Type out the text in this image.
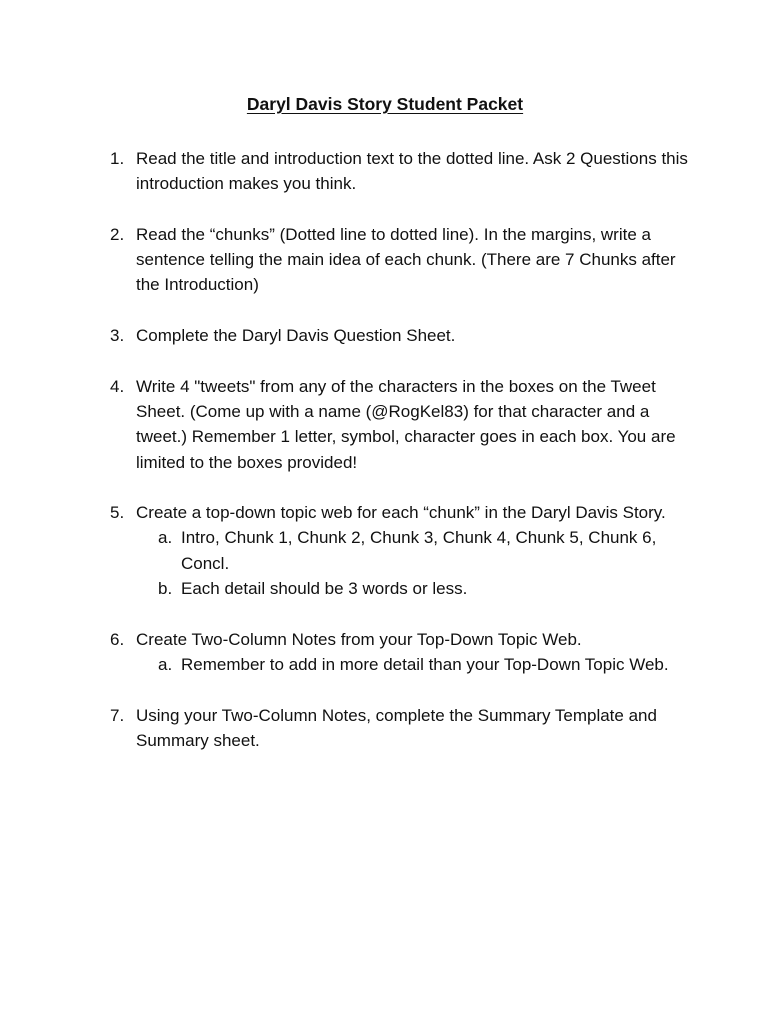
Daryl Davis Story Student Packet
1. Read the title and introduction text to the dotted line. Ask 2 Questions this introduction makes you think.
2. Read the “chunks” (Dotted line to dotted line). In the margins, write a sentence telling the main idea of each chunk. (There are 7 Chunks after the Introduction)
3. Complete the Daryl Davis Question Sheet.
4. Write 4 "tweets" from any of the characters in the boxes on the Tweet Sheet. (Come up with a name (@RogKel83) for that character and a tweet.) Remember 1 letter, symbol, character goes in each box. You are limited to the boxes provided!
5. Create a top-down topic web for each “chunk” in the Daryl Davis Story.
a. Intro, Chunk 1, Chunk 2, Chunk 3, Chunk 4, Chunk 5, Chunk 6, Concl.
b. Each detail should be 3 words or less.
6. Create Two-Column Notes from your Top-Down Topic Web.
a. Remember to add in more detail than your Top-Down Topic Web.
7. Using your Two-Column Notes, complete the Summary Template and Summary sheet.
